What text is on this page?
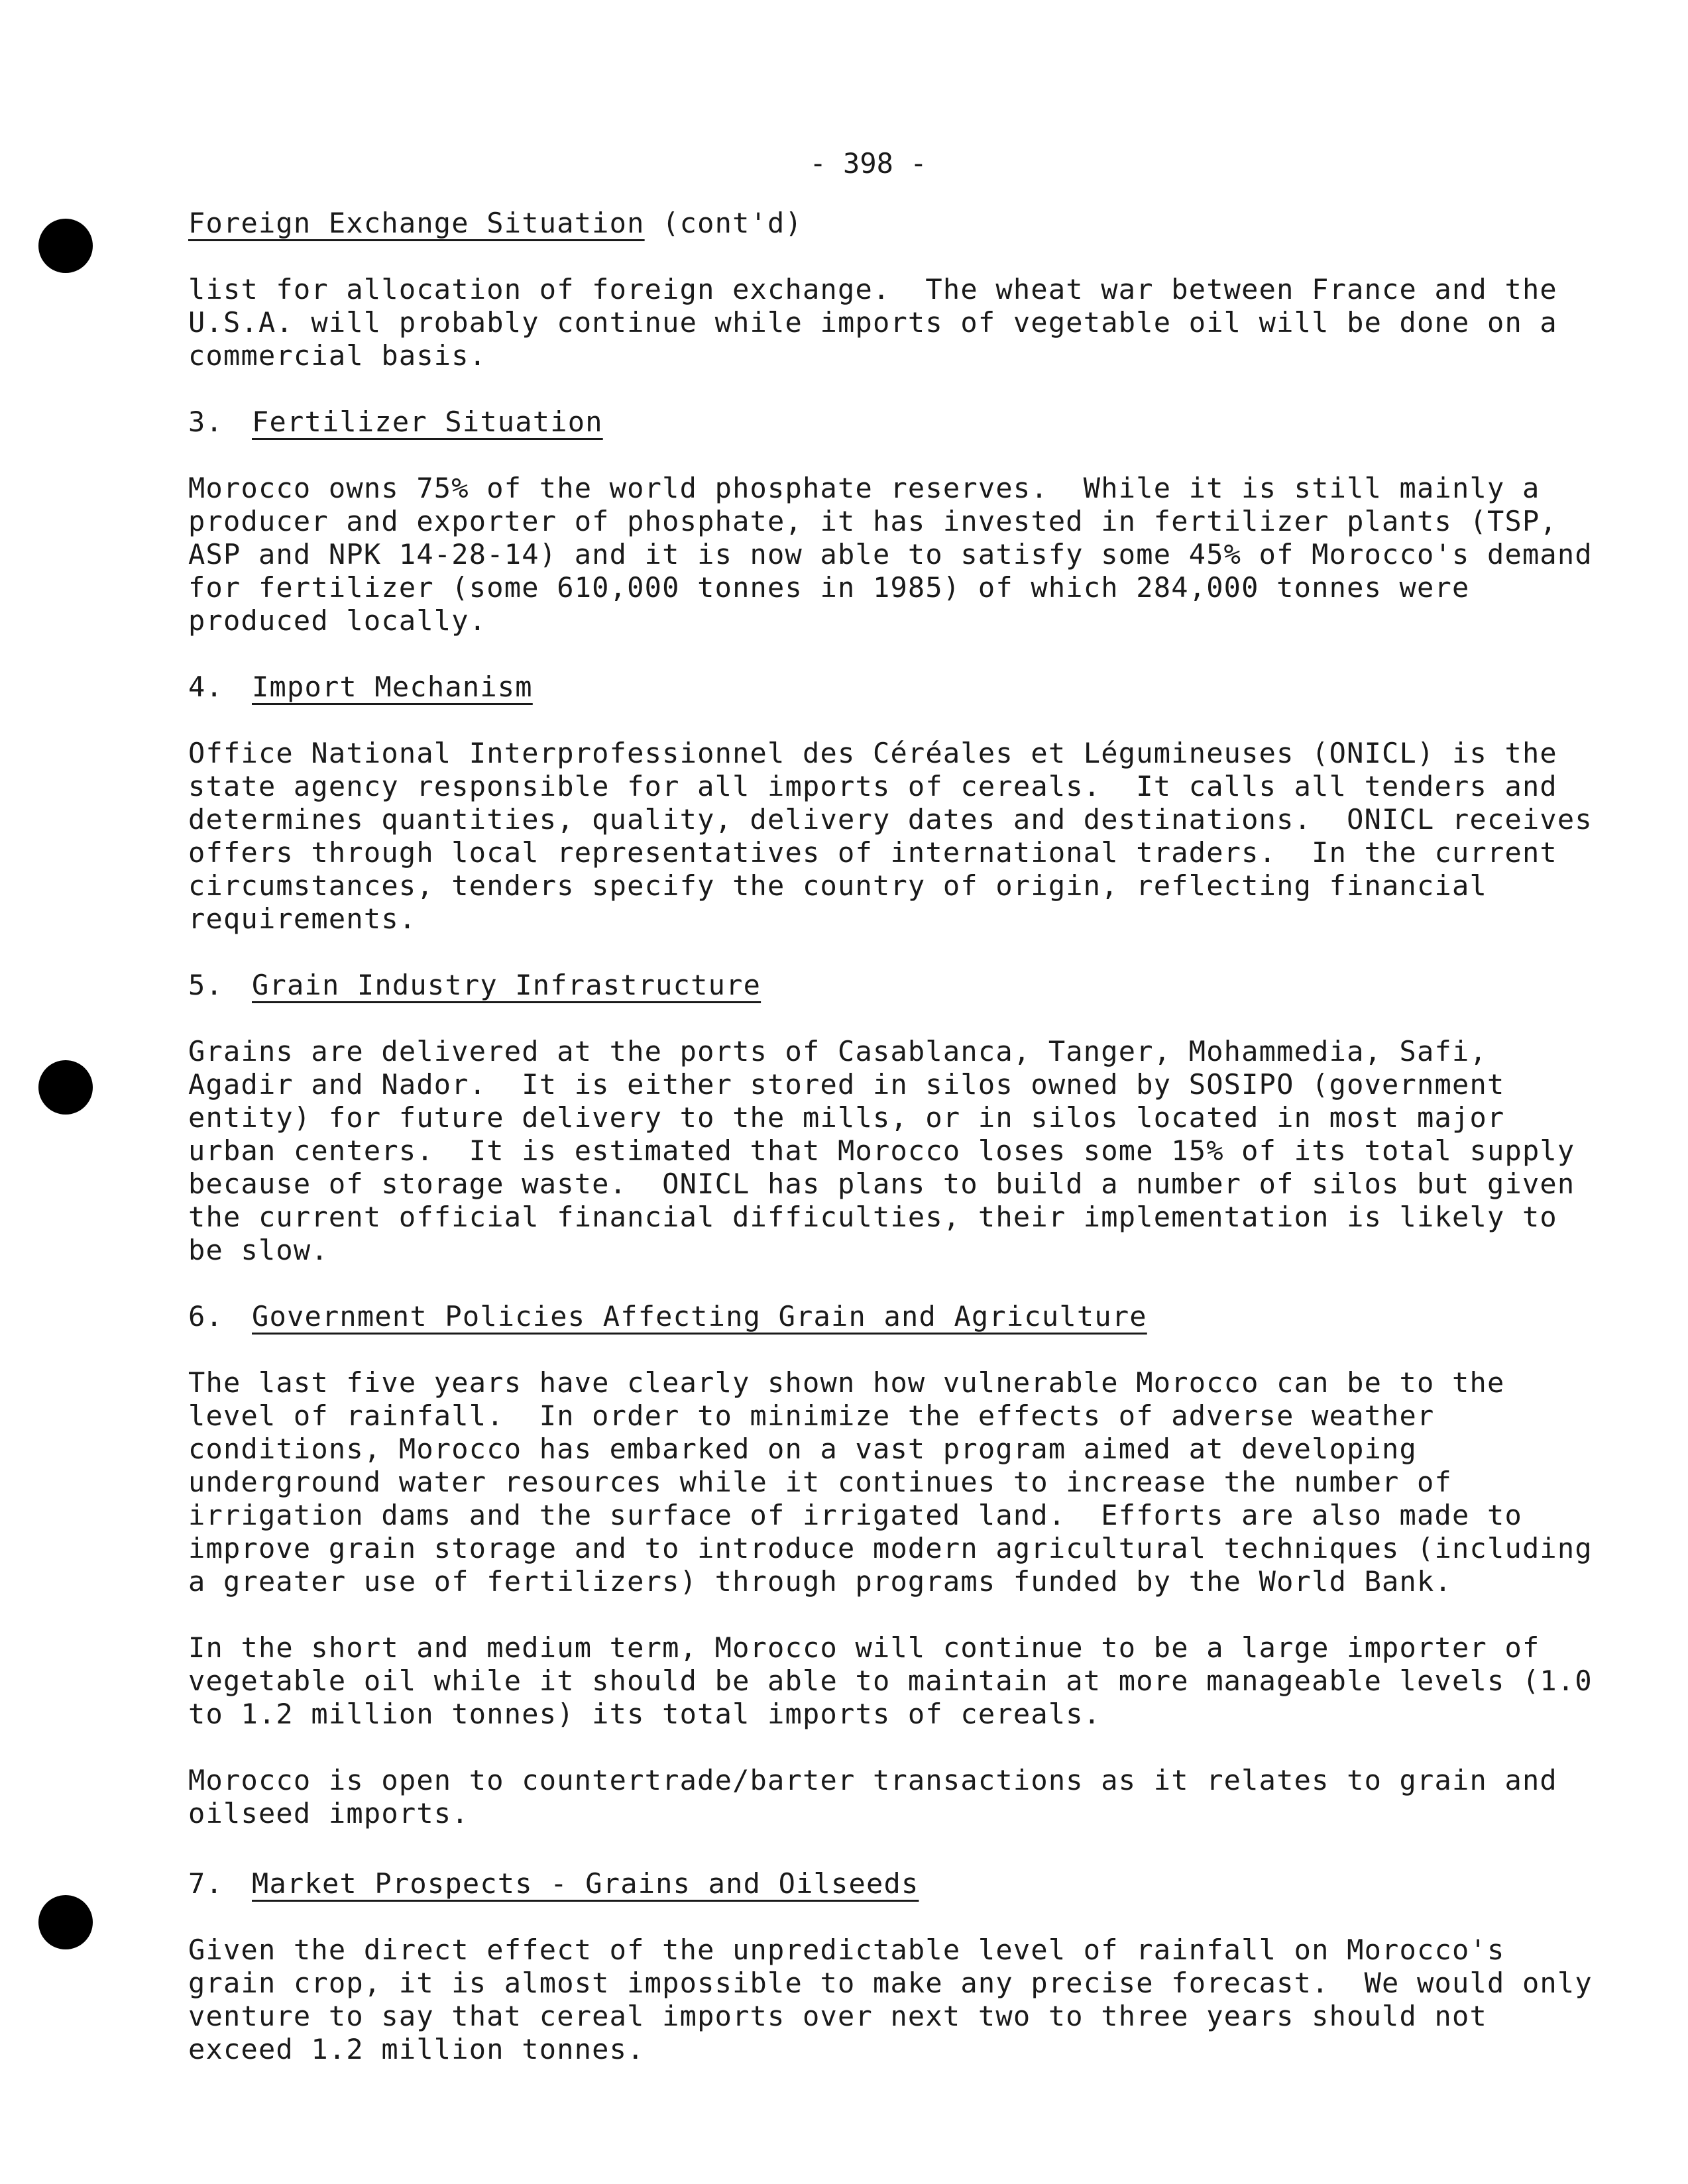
- 398 -

Foreign Exchange Situation (cont'd)

list for allocation of foreign exchange.  The wheat war between France and the
U.S.A. will probably continue while imports of vegetable oil will be done on a
commercial basis.

3. Fertilizer Situation

Morocco owns 75% of the world phosphate reserves.  While it is still mainly a
producer and exporter of phosphate, it has invested in fertilizer plants (TSP,
ASP and NPK 14-28-14) and it is now able to satisfy some 45% of Morocco's demand
for fertilizer (some 610,000 tonnes in 1985) of which 284,000 tonnes were
produced locally.

4. Import Mechanism

Office National Interprofessionnel des Céréales et Légumineuses (ONICL) is the
state agency responsible for all imports of cereals.  It calls all tenders and
determines quantities, quality, delivery dates and destinations.  ONICL receives
offers through local representatives of international traders.  In the current
circumstances, tenders specify the country of origin, reflecting financial
requirements.

5. Grain Industry Infrastructure

Grains are delivered at the ports of Casablanca, Tanger, Mohammedia, Safi,
Agadir and Nador.  It is either stored in silos owned by SOSIPO (government
entity) for future delivery to the mills, or in silos located in most major
urban centers.  It is estimated that Morocco loses some 15% of its total supply
because of storage waste.  ONICL has plans to build a number of silos but given
the current official financial difficulties, their implementation is likely to
be slow.

6. Government Policies Affecting Grain and Agriculture

The last five years have clearly shown how vulnerable Morocco can be to the
level of rainfall.  In order to minimize the effects of adverse weather
conditions, Morocco has embarked on a vast program aimed at developing
underground water resources while it continues to increase the number of
irrigation dams and the surface of irrigated land.  Efforts are also made to
improve grain storage and to introduce modern agricultural techniques (including
a greater use of fertilizers) through programs funded by the World Bank.

In the short and medium term, Morocco will continue to be a large importer of
vegetable oil while it should be able to maintain at more manageable levels (1.0
to 1.2 million tonnes) its total imports of cereals.

Morocco is open to countertrade/barter transactions as it relates to grain and
oilseed imports.

7. Market Prospects - Grains and Oilseeds

Given the direct effect of the unpredictable level of rainfall on Morocco's
grain crop, it is almost impossible to make any precise forecast.  We would only
venture to say that cereal imports over next two to three years should not
exceed 1.2 million tonnes.
